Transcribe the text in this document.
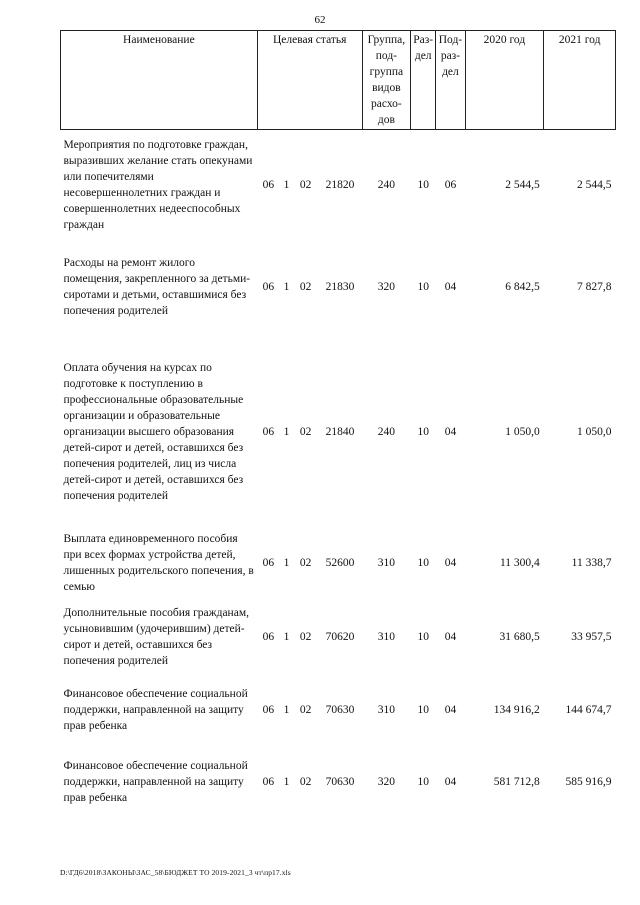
62
Наименование	Целевая статья				Группа, под-группа видов расхо-дов	Раз-дел	Под-раз-дел	2020 год	2021 год
Мероприятия по подготовке граждан, выразивших желание стать опекунами или попечителями несовершеннолетних граждан и совершеннолетних недееспособных граждан	06	1	02	21820	240	10	06	2 544,5	2 544,5
Расходы на ремонт жилого помещения, закрепленного за детьми-сиротами и детьми, оставшимися без попечения родителей	06	1	02	21830	320	10	04	6 842,5	7 827,8
Оплата обучения на курсах по подготовке к поступлению в профессиональные образовательные организации и образовательные организации высшего образования детей-сирот и детей, оставшихся без попечения родителей, лиц из числа детей-сирот и детей, оставшихся без попечения родителей	06	1	02	21840	240	10	04	1 050,0	1 050,0
Выплата единовременного пособия при всех формах устройства детей, лишенных родительского попечения, в семью	06	1	02	52600	310	10	04	11 300,4	11 338,7
Дополнительные пособия гражданам, усыновившим (удочерившим) детей-сирот и детей, оставшихся без попечения родителей	06	1	02	70620	310	10	04	31 680,5	33 957,5
Финансовое обеспечение социальной поддержки, направленной на защиту прав ребенка	06	1	02	70630	310	10	04	134 916,2	144 674,7
Финансовое обеспечение социальной поддержки, направленной на защиту прав ребенка	06	1	02	70630	320	10	04	581 712,8	585 916,9
D:\ГД6\2018\ЗАКОНЫ\ЗАС_58\БЮДЖЕТ ТО 2019-2021_3 чт\пр17.xls
